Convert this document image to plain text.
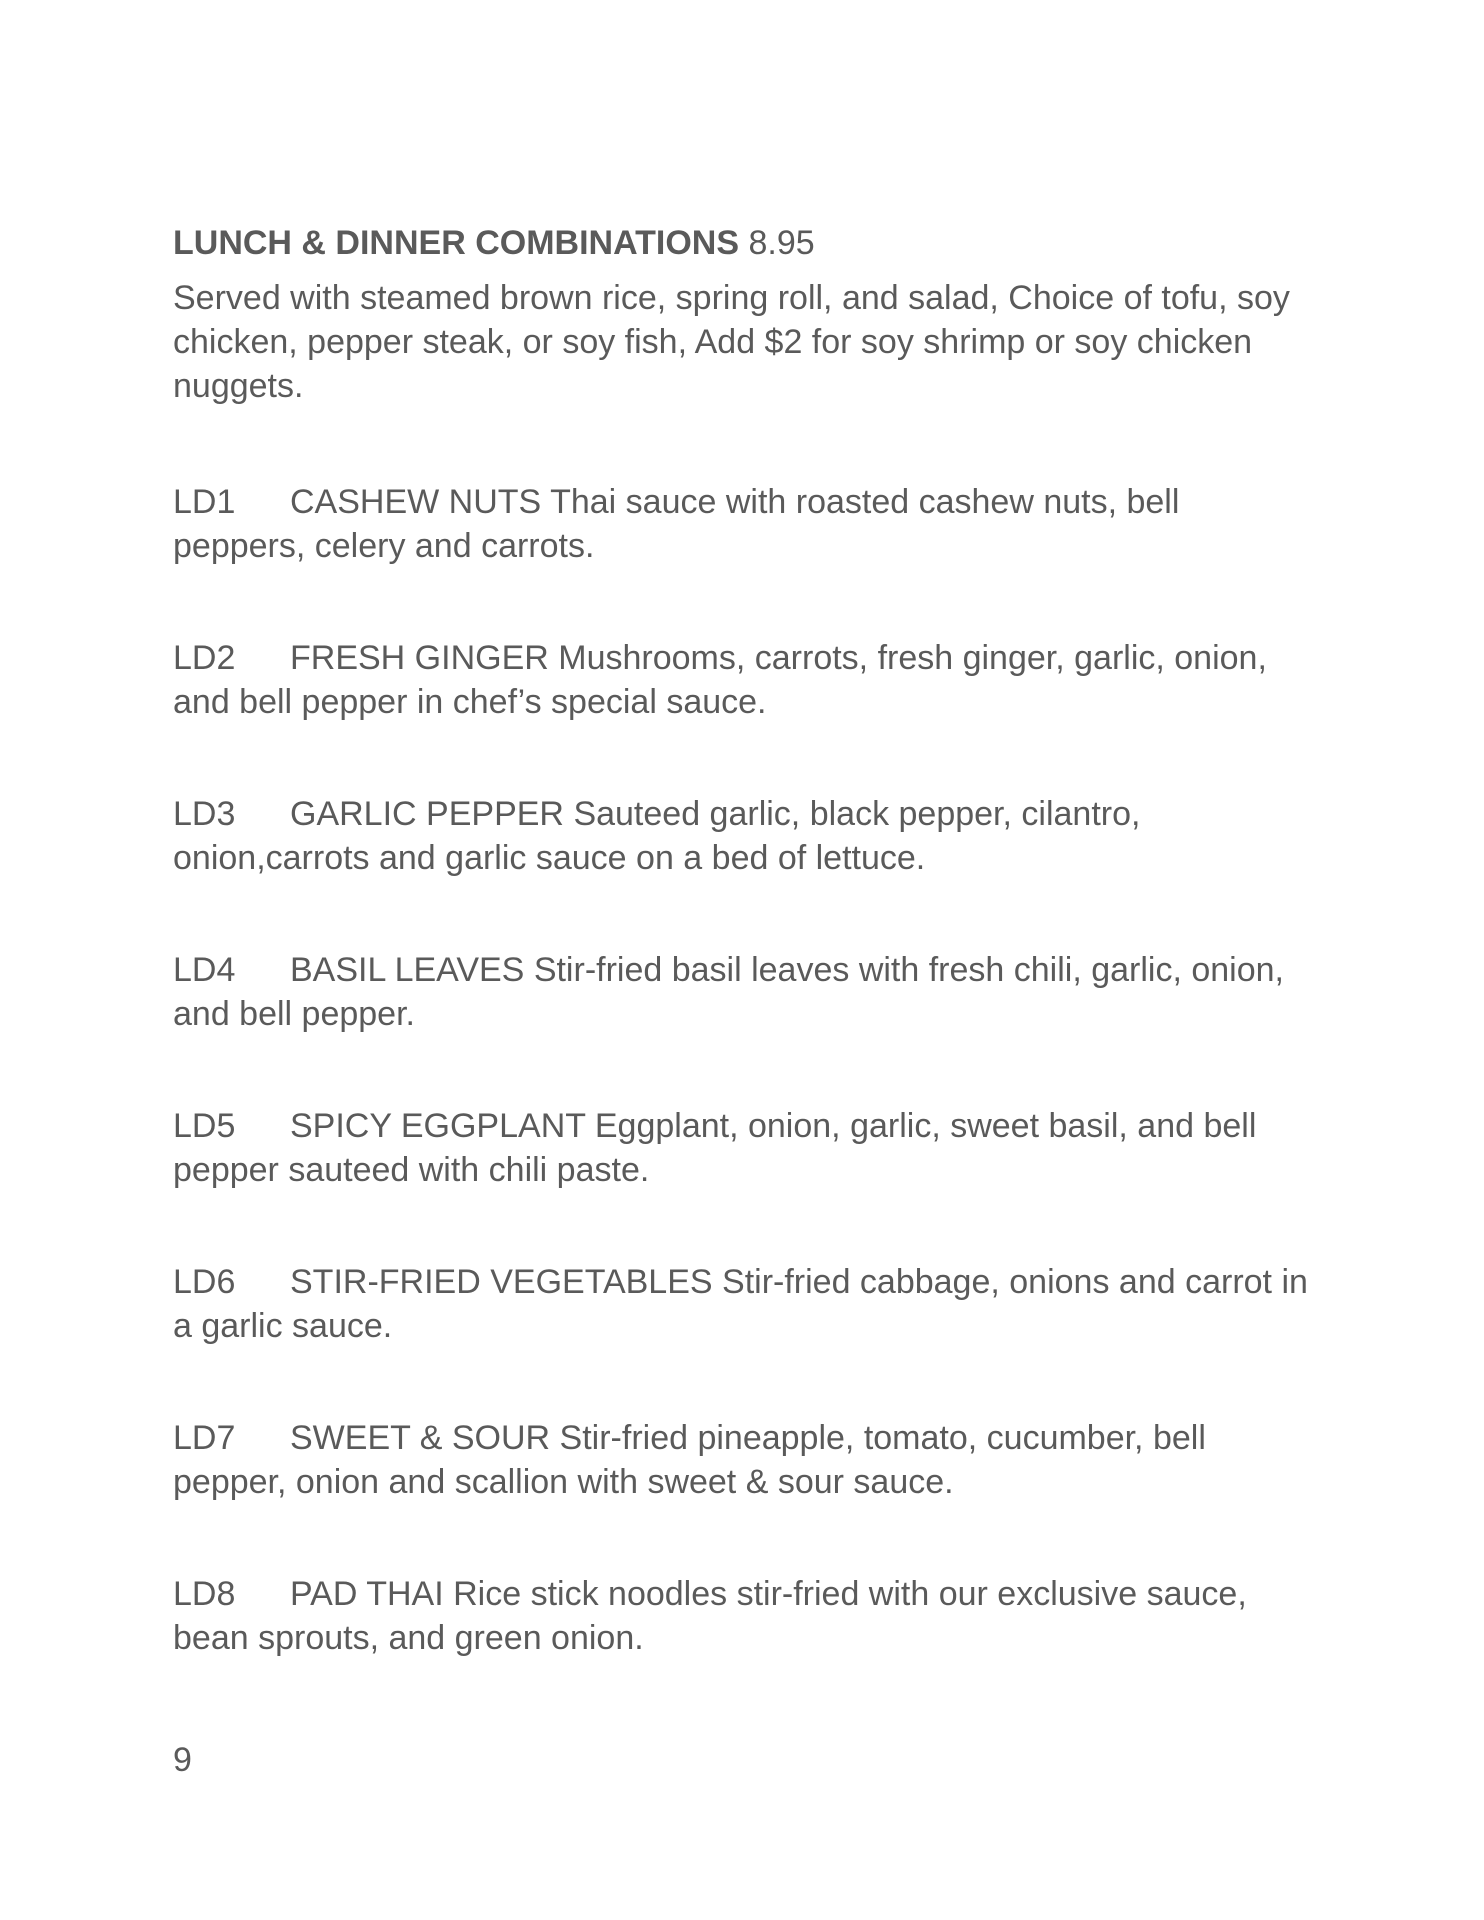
LUNCH & DINNER COMBINATIONS 8.95

Served with steamed brown rice, spring roll, and salad, Choice of tofu, soy chicken, pepper steak, or soy fish, Add $2 for soy shrimp or soy chicken nuggets.

LD1 CASHEW NUTS Thai sauce with roasted cashew nuts, bell peppers, celery and carrots.

LD2 FRESH GINGER Mushrooms, carrots, fresh ginger, garlic, onion, and bell pepper in chef’s special sauce.

LD3 GARLIC PEPPER Sauteed garlic, black pepper, cilantro, onion,carrots and garlic sauce on a bed of lettuce.

LD4 BASIL LEAVES Stir-fried basil leaves with fresh chili, garlic, onion, and bell pepper.

LD5 SPICY EGGPLANT Eggplant, onion, garlic, sweet basil, and bell pepper sauteed with chili paste.

LD6 STIR-FRIED VEGETABLES Stir-fried cabbage, onions and carrot in a garlic sauce.

LD7 SWEET & SOUR Stir-fried pineapple, tomato, cucumber, bell pepper, onion and scallion with sweet & sour sauce.

LD8 PAD THAI Rice stick noodles stir-fried with our exclusive sauce, bean sprouts, and green onion.

9
